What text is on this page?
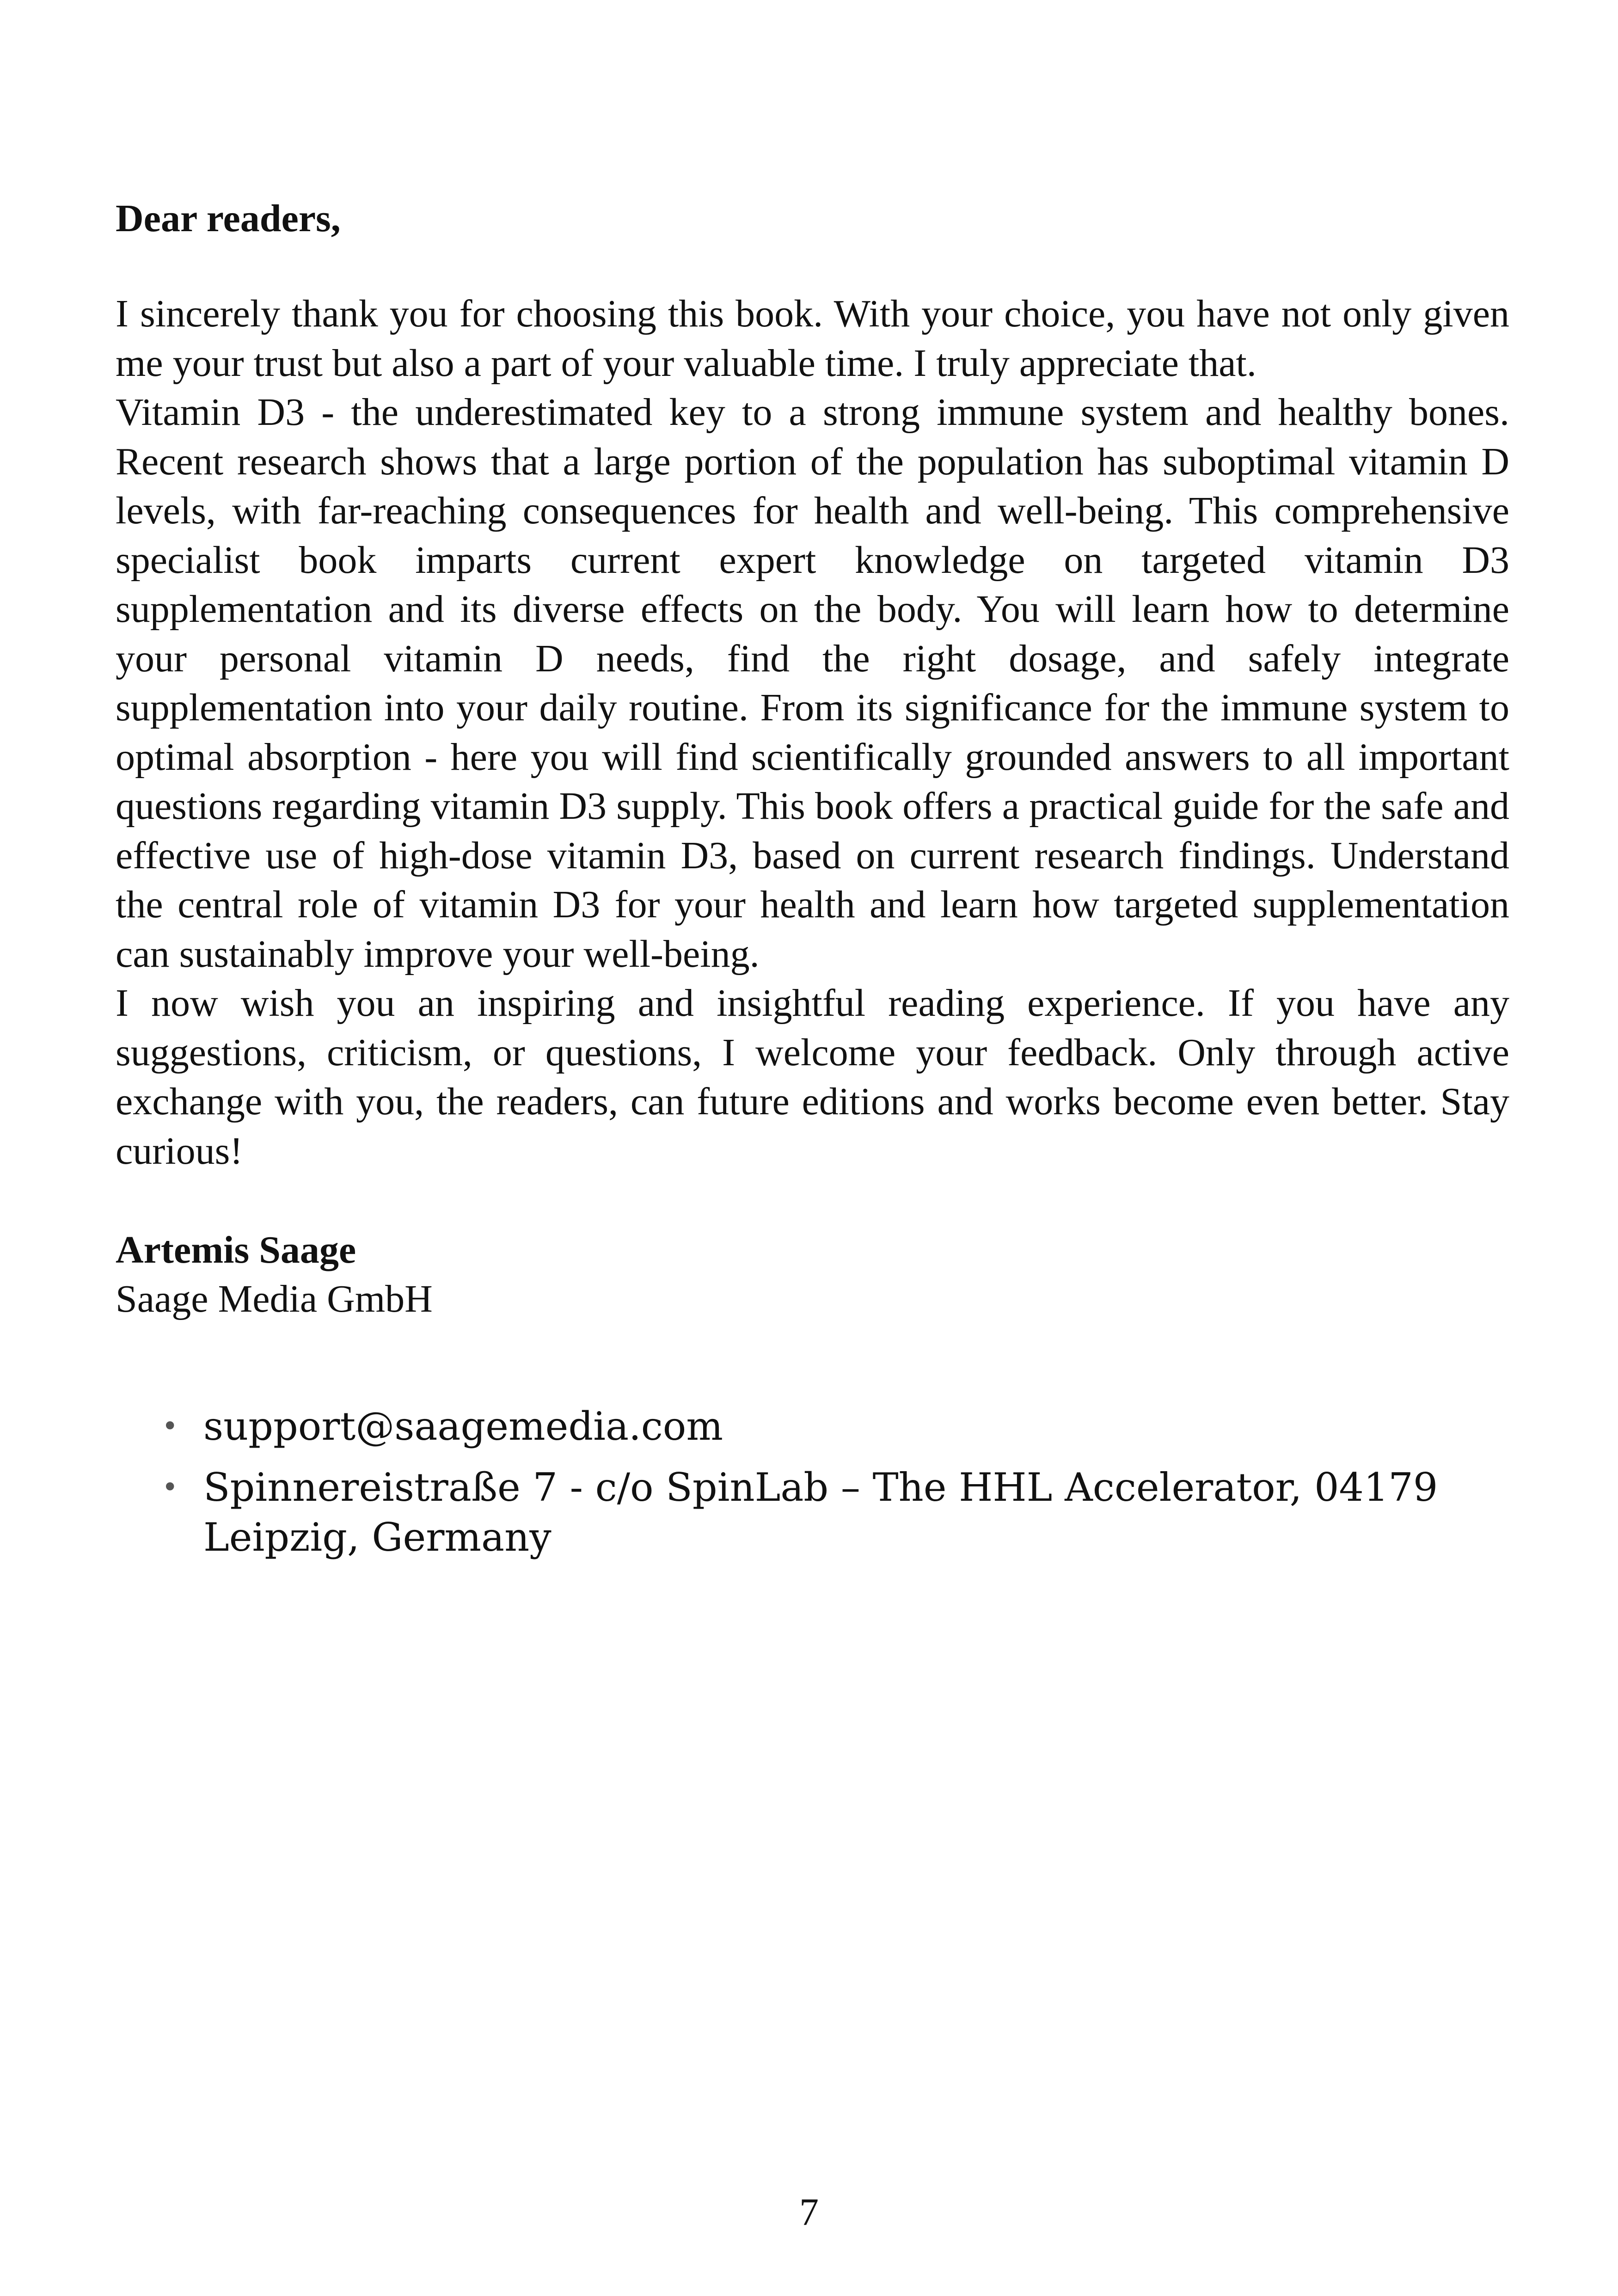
Dear readers,

I sincerely thank you for choosing this book. With your choice, you have not only given me your trust but also a part of your valuable time. I truly appreciate that.

Vitamin D3 - the underestimated key to a strong immune system and healthy bones. Recent research shows that a large portion of the population has suboptimal vitamin D levels, with far-reaching consequences for health and well-being. This comprehensive specialist book imparts current expert knowledge on targeted vitamin D3 supplementation and its diverse effects on the body. You will learn how to determine your personal vitamin D needs, find the right dosage, and safely integrate supplementation into your daily routine. From its significance for the immune system to optimal absorption - here you will find scientifically grounded answers to all important questions regarding vitamin D3 supply. This book offers a practical guide for the safe and effective use of high-dose vitamin D3, based on current research findings. Understand the central role of vitamin D3 for your health and learn how targeted supplementation can sustainably improve your well-being.

I now wish you an inspiring and insightful reading experience. If you have any suggestions, criticism, or questions, I welcome your feedback. Only through active exchange with you, the readers, can future editions and works become even better. Stay curious!

Artemis Saage

Saage Media GmbH

• support@saagemedia.com
• Spinnereistraße 7 - c/o SpinLab – The HHL Accelerator, 04179 Leipzig, Germany
7
